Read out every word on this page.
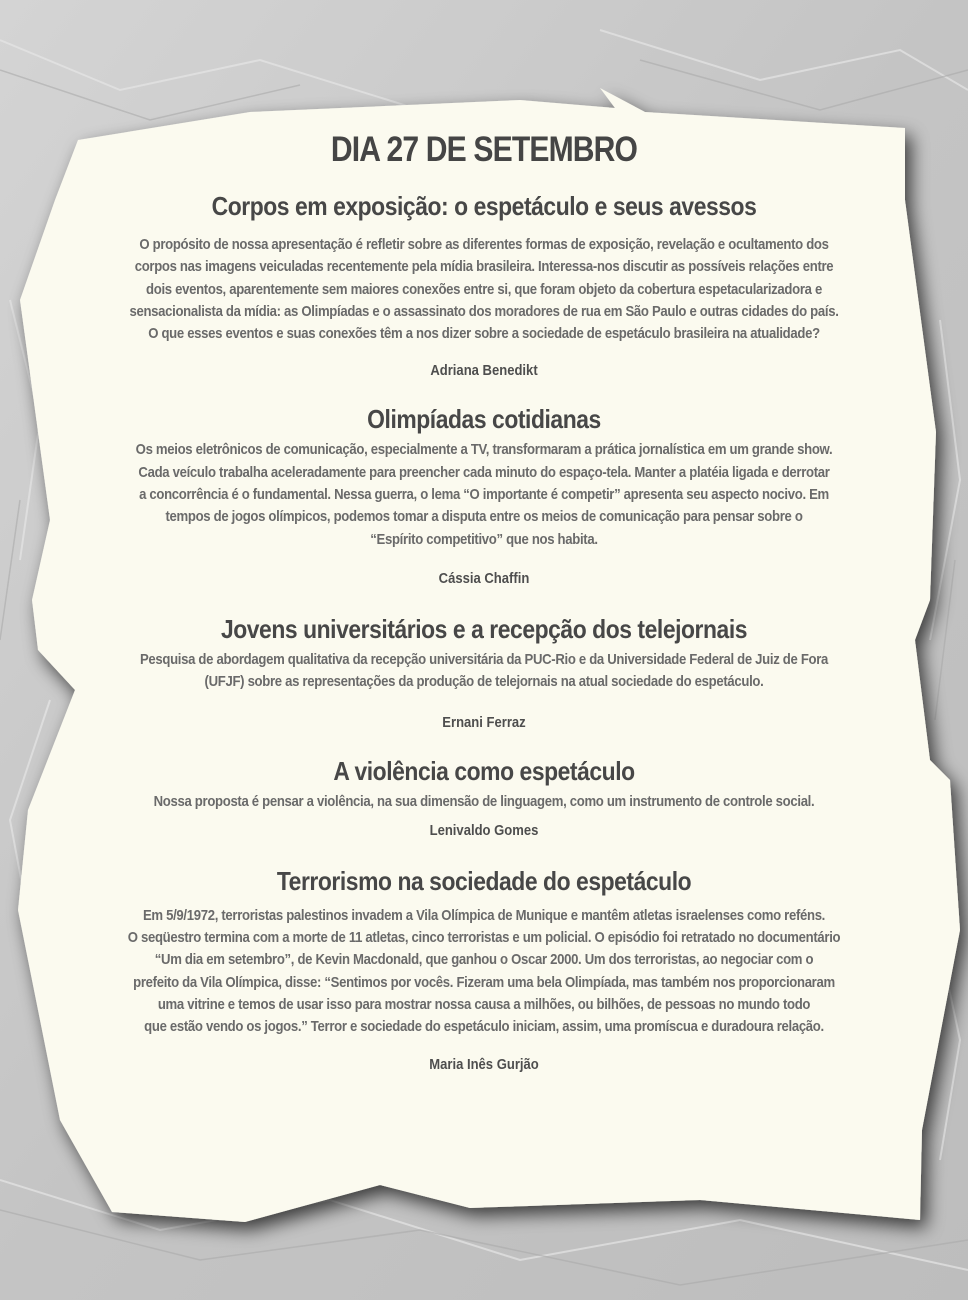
DIA 27 DE SETEMBRO
Corpos em exposição: o espetáculo e seus avessos

O propósito de nossa apresentação é refletir sobre as diferentes formas de exposição, revelação e ocultamento dos
corpos nas imagens veiculadas recentemente pela mídia brasileira. Interessa-nos discutir as possíveis relações entre
dois eventos, aparentemente sem maiores conexões entre si, que foram objeto da cobertura espetacularizadora e
sensacionalista da mídia: as Olimpíadas e o assassinato dos moradores de rua em São Paulo e outras cidades do país.
O que esses eventos e suas conexões têm a nos dizer sobre a sociedade de espetáculo brasileira na atualidade?

Adriana Benedikt

Olimpíadas cotidianas

Os meios eletrônicos de comunicação, especialmente a TV, transformaram a prática jornalística em um grande show.
Cada veículo trabalha aceleradamente para preencher cada minuto do espaço-tela. Manter a platéia ligada e derrotar
a concorrência é o fundamental. Nessa guerra, o lema “O importante é competir” apresenta seu aspecto nocivo. Em
tempos de jogos olímpicos, podemos tomar a disputa entre os meios de comunicação para pensar sobre o
“Espírito competitivo” que nos habita.

Cássia Chaffin

Jovens universitários e a recepção dos telejornais

Pesquisa de abordagem qualitativa da recepção universitária da PUC-Rio e da Universidade Federal de Juiz de Fora
(UFJF) sobre as representações da produção de telejornais na atual sociedade do espetáculo.

Ernani Ferraz

A violência como espetáculo

Nossa proposta é pensar a violência, na sua dimensão de linguagem, como um instrumento de controle social.

Lenivaldo Gomes

Terrorismo na sociedade do espetáculo

Em 5/9/1972, terroristas palestinos invadem a Vila Olímpica de Munique e mantêm atletas israelenses como reféns.
O seqüestro termina com a morte de 11 atletas, cinco terroristas e um policial. O episódio foi retratado no documentário
“Um dia em setembro”, de Kevin Macdonald, que ganhou o Oscar 2000. Um dos terroristas, ao negociar com o
prefeito da Vila Olímpica, disse: “Sentimos por vocês. Fizeram uma bela Olimpíada, mas também nos proporcionaram
uma vitrine e temos de usar isso para mostrar nossa causa a milhões, ou bilhões, de pessoas no mundo todo
que estão vendo os jogos.” Terror e sociedade do espetáculo iniciam, assim, uma promíscua e duradoura relação.

Maria Inês Gurjão
